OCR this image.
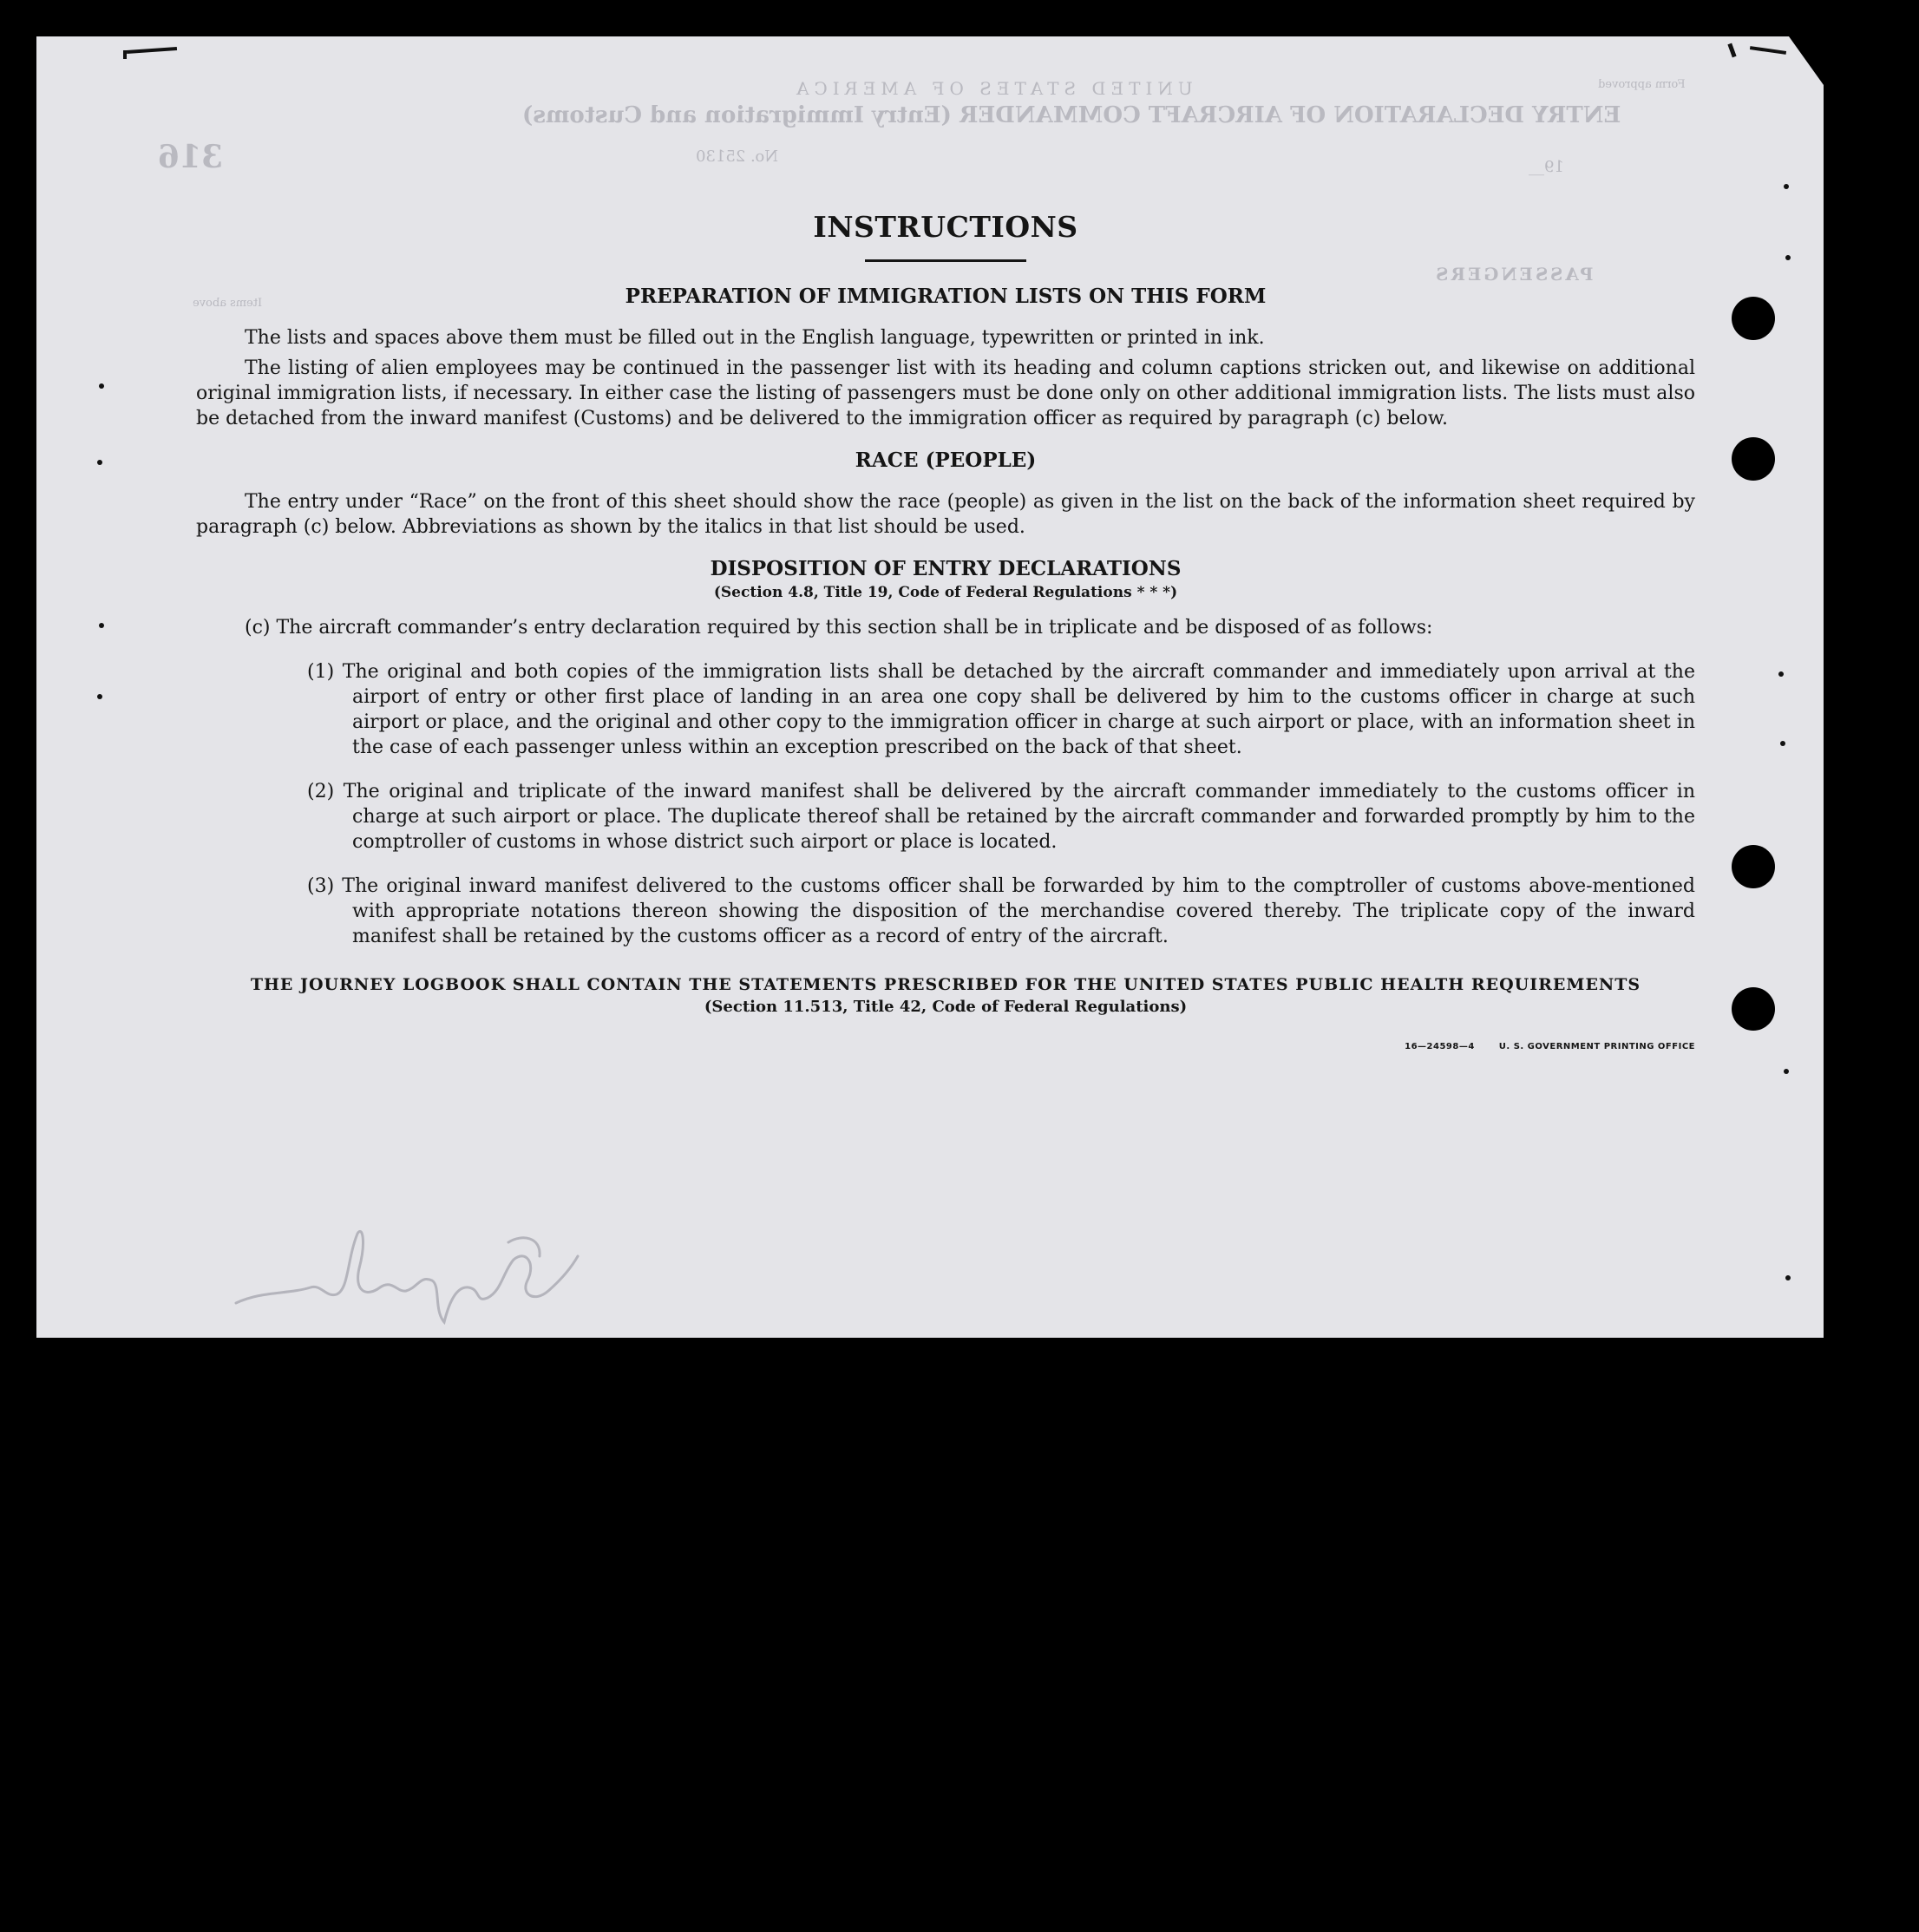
UNITED STATES OF AMERICA
ENTRY DECLARATION OF AIRCRAFT COMMANDER (Entry Immigration and Customs)
316	No. 25130
19__
PASSENGERS
Form approved
Items above
INSTRUCTIONS
PREPARATION OF IMMIGRATION LISTS ON THIS FORM

The lists and spaces above them must be filled out in the English language, typewritten or printed in ink.

The listing of alien employees may be continued in the passenger list with its heading and column captions stricken out, and likewise on additional original immigration lists, if necessary. In either case the listing of passengers must be done only on other additional immigration lists. The lists must also be detached from the inward manifest (Customs) and be delivered to the immigration officer as required by paragraph (c) below.

RACE (PEOPLE)

The entry under “Race” on the front of this sheet should show the race (people) as given in the list on the back of the information sheet required by paragraph (c) below. Abbreviations as shown by the italics in that list should be used.

DISPOSITION OF ENTRY DECLARATIONS
(Section 4.8, Title 19, Code of Federal Regulations * * *)

(c) The aircraft commander’s entry declaration required by this section shall be in triplicate and be disposed of as follows:

(1) The original and both copies of the immigration lists shall be detached by the aircraft commander and immediately upon arrival at the airport of entry or other first place of landing in an area one copy shall be delivered by him to the customs officer in charge at such airport or place, and the original and other copy to the immigration officer in charge at such airport or place, with an information sheet in the case of each passenger unless within an exception prescribed on the back of that sheet.

(2) The original and triplicate of the inward manifest shall be delivered by the aircraft commander immediately to the customs officer in charge at such airport or place. The duplicate thereof shall be retained by the aircraft commander and forwarded promptly by him to the comptroller of customs in whose district such airport or place is located.

(3) The original inward manifest delivered to the customs officer shall be forwarded by him to the comptroller of customs above-mentioned with appropriate notations thereon showing the disposition of the merchandise covered thereby. The triplicate copy of the inward manifest shall be retained by the customs officer as a record of entry of the aircraft.

THE JOURNEY LOGBOOK SHALL CONTAIN THE STATEMENTS PRESCRIBED FOR THE UNITED STATES PUBLIC HEALTH REQUIREMENTS
(Section 11.513, Title 42, Code of Federal Regulations)
16—24598—4	U. S. GOVERNMENT PRINTING OFFICE
